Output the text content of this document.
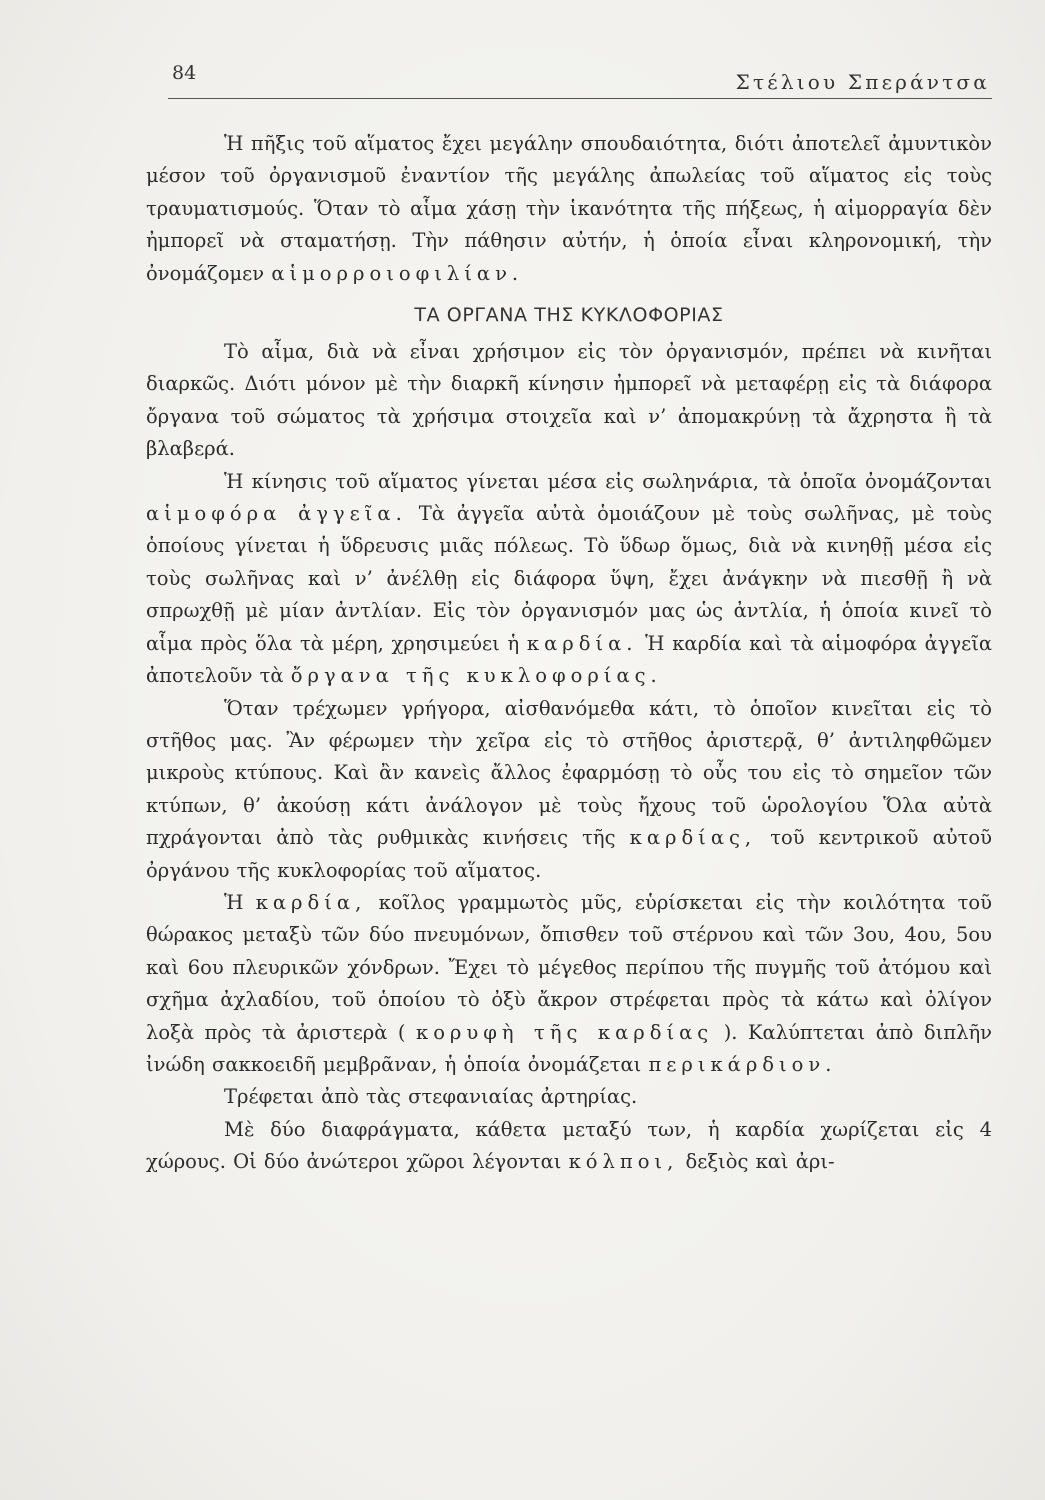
84	Στέλιου Σπεράντσα

Ἡ πῆξις τοῦ αἵματος ἔχει μεγάλην σπουδαιότητα, διότι ἀποτελεῖ ἀμυντικὸν μέσον τοῦ ὀργανισμοῦ ἐναντίον τῆς μεγάλης ἀπωλείας τοῦ αἵματος εἰς τοὺς τραυματισμούς. Ὅταν τὸ αἷμα χάσῃ τὴν ἱκανότητα τῆς πήξεως, ἡ αἱμορραγία δὲν ἠμπορεῖ νὰ σταματήσῃ. Τὴν πάθησιν αὐτήν, ἡ ὁποία εἶναι κληρονομική, τὴν ὀνομάζομεν αἱμορροιοφιλίαν.

ΤΑ ΟΡΓΑΝΑ ΤΗΣ ΚΥΚΛΟΦΟΡΙΑΣ

Τὸ αἷμα, διὰ νὰ εἶναι χρήσιμον εἰς τὸν ὀργανισμόν, πρέπει νὰ κινῆται διαρκῶς. Διότι μόνον μὲ τὴν διαρκῆ κίνησιν ἠμπορεῖ νὰ μεταφέρῃ εἰς τὰ διάφορα ὄργανα τοῦ σώματος τὰ χρήσιμα στοιχεῖα καὶ ν’ ἀπομακρύνῃ τὰ ἄχρηστα ἢ τὰ βλαβερά.

Ἡ κίνησις τοῦ αἵματος γίνεται μέσα εἰς σωληνάρια, τὰ ὁποῖα ὀνομάζονται αἱμοφόρα ἀγγεῖα. Τὰ ἀγγεῖα αὐτὰ ὁμοιάζουν μὲ τοὺς σωλῆνας, μὲ τοὺς ὁποίους γίνεται ἡ ὕδρευσις μιᾶς πόλεως. Τὸ ὕδωρ ὅμως, διὰ νὰ κινηθῇ μέσα εἰς τοὺς σωλῆνας καὶ ν’ ἀνέλθῃ εἰς διάφορα ὕψη, ἔχει ἀνάγκην νὰ πιεσθῇ ἢ νὰ σπρωχθῇ μὲ μίαν ἀντλίαν. Εἰς τὸν ὀργανισμόν μας ὡς ἀντλία, ἡ ὁποία κινεῖ τὸ αἷμα πρὸς ὅλα τὰ μέρη, χρησιμεύει ἡ καρδία. Ἡ καρδία καὶ τὰ αἱμοφόρα ἀγγεῖα ἀποτελοῦν τὰ ὄργανα τῆς κυκλοφορίας.

Ὅταν τρέχωμεν γρήγορα, αἰσθανόμεθα κάτι, τὸ ὁποῖον κινεῖται εἰς τὸ στῆθος μας. Ἂν φέρωμεν τὴν χεῖρα εἰς τὸ στῆθος ἀριστερᾷ, θ’ ἀντιληφθῶμεν μικροὺς κτύπους. Καὶ ἂν κανεὶς ἄλλος ἐφαρμόσῃ τὸ οὖς του εἰς τὸ σημεῖον τῶν κτύπων, θ’ ἀκούσῃ κάτι ἀνάλογον μὲ τοὺς ἤχους τοῦ ὡρολογίου Ὅλα αὐτὰ πχράγονται ἀπὸ τὰς ρυθμικὰς κινήσεις τῆς καρδίας, τοῦ κεντρικοῦ αὐτοῦ ὀργάνου τῆς κυκλοφορίας τοῦ αἵματος.

Ἡ καρδία, κοῖλος γραμμωτὸς μῦς, εὑρίσκεται εἰς τὴν κοιλότητα τοῦ θώρακος μεταξὺ τῶν δύο πνευμόνων, ὄπισθεν τοῦ στέρνου καὶ τῶν 3ου, 4ου, 5ου καὶ 6ου πλευρικῶν χόνδρων. Ἔχει τὸ μέγεθος περίπου τῆς πυγμῆς τοῦ ἀτόμου καὶ σχῆμα ἀχλαδίου, τοῦ ὁποίου τὸ ὀξὺ ἄκρον στρέφεται πρὸς τὰ κάτω καὶ ὀλίγον λοξὰ πρὸς τὰ ἀριστερὰ ( κορυφὴ τῆς καρδίας ). Καλύπτεται ἀπὸ διπλῆν ἰνώδη σακκοειδῆ μεμβρᾶναν, ἡ ὁποία ὀνομάζεται περικάρδιον.

Τρέφεται ἀπὸ τὰς στεφανιαίας ἀρτηρίας.

Μὲ δύο διαφράγματα, κάθετα μεταξύ των, ἡ καρδία χωρίζεται εἰς 4 χώρους. Οἱ δύο ἀνώτεροι χῶροι λέγονται κόλποι, δεξιὸς καὶ ἀρι-
